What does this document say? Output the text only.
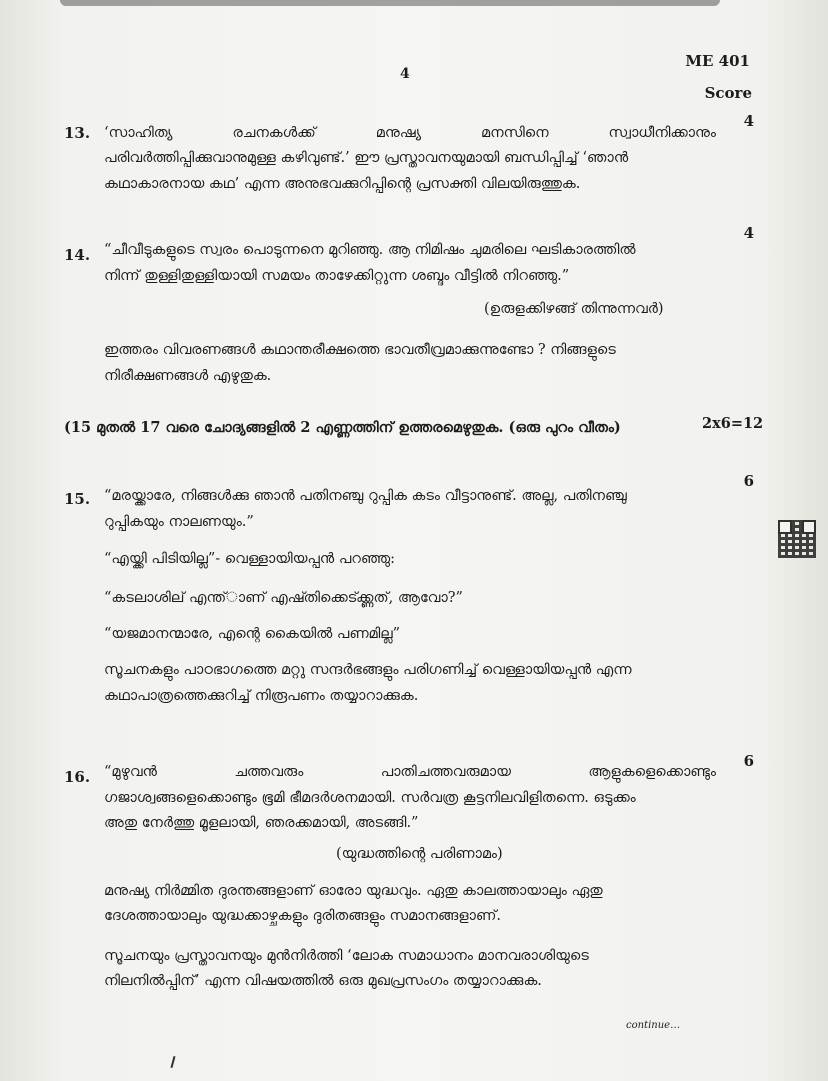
ME 401
4
Score
13.
4
‘സാഹിത്യ	രചനകൾക്ക്	മനുഷ്യ	മനസിനെ	സ്വാധീനിക്കാനും
പരിവർത്തിപ്പിക്കുവാനുമുള്ള കഴിവുണ്ട്.’ ഈ പ്രസ്താവനയുമായി ബന്ധിപ്പിച്ച് ‘ഞാൻ
കഥാകാരനായ കഥ’ എന്ന അനുഭവക്കുറിപ്പിന്റെ പ്രസക്തി വിലയിരുത്തുക.
14.
4
“ചീവീടുകളുടെ സ്വരം പൊടുന്നനെ മുറിഞ്ഞു. ആ നിമിഷം ചുമരിലെ ഘടികാരത്തിൽ
നിന്ന് തുള്ളിതുള്ളിയായി സമയം താഴേക്കിറ്റുന്ന ശബ്ദം വീട്ടിൽ നിറഞ്ഞു.”
(ഉരുളക്കിഴങ്ങ് തിന്നുന്നവർ)
ഇത്തരം വിവരണങ്ങൾ കഥാന്തരീക്ഷത്തെ ഭാവതീവ്രമാക്കുന്നുണ്ടോ ? നിങ്ങളുടെ
നിരീക്ഷണങ്ങൾ എഴുതുക.
(15 മുതൽ 17 വരെ ചോദ്യങ്ങളിൽ 2 എണ്ണത്തിന് ഉത്തരമെഴുതുക. (ഒരു പുറം വീതം)	2x6=12
15.
6
“മരയ്ക്കാരേ, നിങ്ങൾക്കു ഞാൻ പതിനഞ്ചു റുപ്പിക കടം വീട്ടാനുണ്ട്. അല്ല, പതിനഞ്ചു
റുപ്പികയും നാലണയും.”
“എയ്ക്കി പിടിയില്ല”- വെള്ളായിയപ്പൻ പറഞ്ഞു:
“കടലാശില് എന്ത്ാണ് എഷ്തിക്കെട്ക്ക്ണത്, ആവോ?”
“യജമാനന്മാരേ, എന്റെ കൈയിൽ പണമില്ല”
സൂചനകളും പാഠഭാഗത്തെ മറ്റു സന്ദർഭങ്ങളും പരിഗണിച്ച് വെള്ളായിയപ്പൻ എന്ന
കഥാപാത്രത്തെക്കുറിച്ച് നിരൂപണം തയ്യാറാക്കുക.
16.
6
“മുഴുവൻ	ചത്തവരും	പാതിചത്തവരുമായ	ആളുകളെക്കൊണ്ടും
ഗജാശ്വങ്ങളെക്കൊണ്ടും ഭൂമി ഭീമദർശനമായി. സർവത്ര കൂട്ടനിലവിളിതന്നെ. ഒടുക്കം
അതു നേർത്തു മൂളലായി, ഞരക്കമായി, അടങ്ങി.”
(യുദ്ധത്തിന്റെ പരിണാമം)
മനുഷ്യ നിർമ്മിത ദുരന്തങ്ങളാണ് ഓരോ യുദ്ധവും. ഏതു കാലത്തായാലും ഏതു
ദേശത്തായാലും യുദ്ധക്കാഴ്ചകളും ദുരിതങ്ങളും സമാനങ്ങളാണ്.
സൂചനയും പ്രസ്താവനയും മുൻനിർത്തി ‘ലോക സമാധാനം മാനവരാശിയുടെ
നിലനിൽപ്പിന്’ എന്ന വിഷയത്തിൽ ഒരു മുഖപ്രസംഗം തയ്യാറാക്കുക.
continue…
